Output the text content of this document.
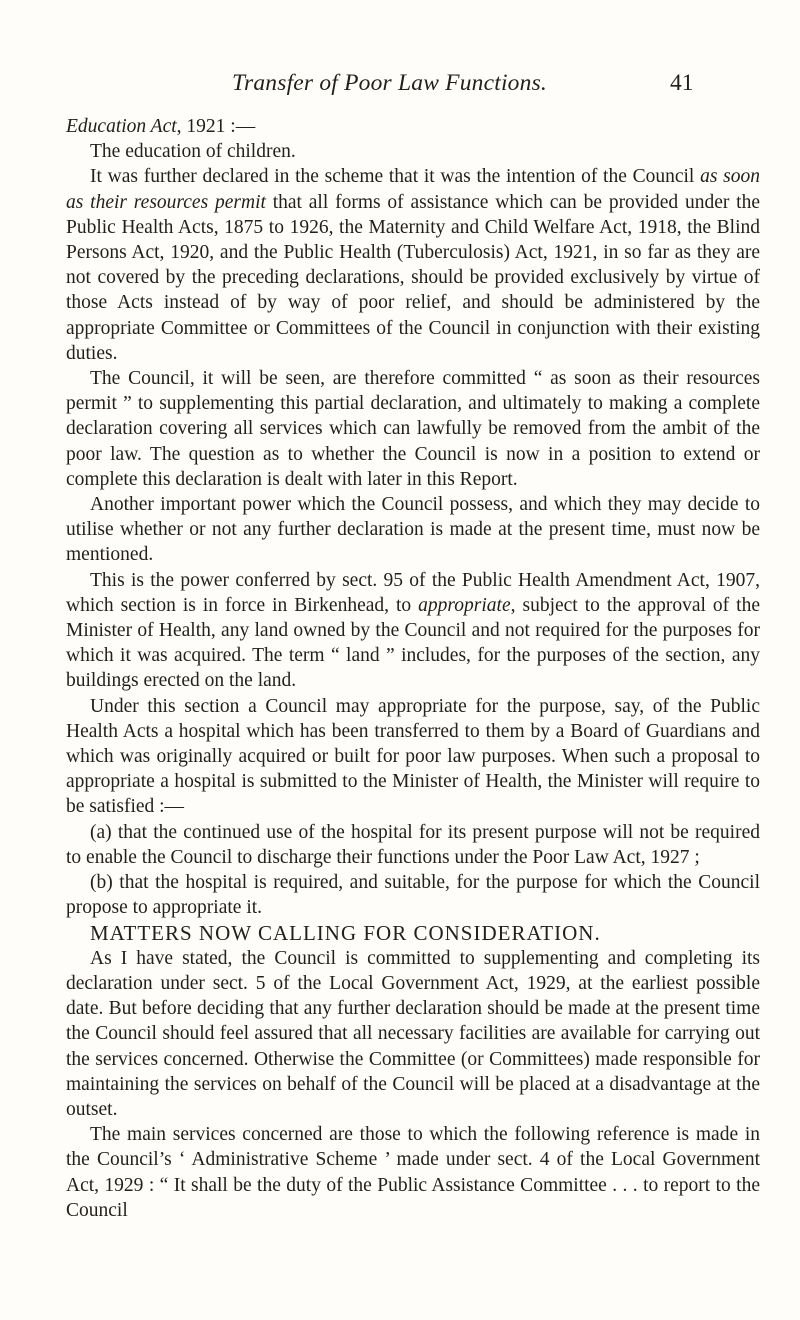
Transfer of Poor Law Functions.	41

Education Act, 1921 :—

The education of children.

It was further declared in the scheme that it was the intention of the Council as soon as their resources permit that all forms of assistance which can be provided under the Public Health Acts, 1875 to 1926, the Maternity and Child Welfare Act, 1918, the Blind Persons Act, 1920, and the Public Health (Tuberculosis) Act, 1921, in so far as they are not covered by the preceding declarations, should be provided exclusively by virtue of those Acts instead of by way of poor relief, and should be administered by the appropriate Committee or Committees of the Council in conjunction with their existing duties.

The Council, it will be seen, are therefore committed “ as soon as their resources permit ” to supplementing this partial declaration, and ultimately to making a complete declaration covering all services which can lawfully be removed from the ambit of the poor law. The question as to whether the Council is now in a position to extend or complete this declaration is dealt with later in this Report.

Another important power which the Council possess, and which they may decide to utilise whether or not any further declaration is made at the present time, must now be mentioned.

This is the power conferred by sect. 95 of the Public Health Amendment Act, 1907, which section is in force in Birkenhead, to appropriate, subject to the approval of the Minister of Health, any land owned by the Council and not required for the purposes for which it was acquired. The term “ land ” includes, for the purposes of the section, any buildings erected on the land.

Under this section a Council may appropriate for the purpose, say, of the Public Health Acts a hospital which has been transferred to them by a Board of Guardians and which was originally acquired or built for poor law purposes. When such a proposal to appropriate a hospital is submitted to the Minister of Health, the Minister will require to be satisfied :—

(a) that the continued use of the hospital for its present purpose will not be required to enable the Council to discharge their functions under the Poor Law Act, 1927 ;

(b) that the hospital is required, and suitable, for the purpose for which the Council propose to appropriate it.

MATTERS NOW CALLING FOR CONSIDERATION.

As I have stated, the Council is committed to supplementing and completing its declaration under sect. 5 of the Local Government Act, 1929, at the earliest possible date. But before deciding that any further declaration should be made at the present time the Council should feel assured that all necessary facilities are available for carrying out the services concerned. Otherwise the Committee (or Committees) made responsible for maintaining the services on behalf of the Council will be placed at a disadvantage at the outset.

The main services concerned are those to which the following reference is made in the Council’s ‘ Administrative Scheme ’ made under sect. 4 of the Local Government Act, 1929 : “ It shall be the duty of the Public Assistance Committee . . . to report to the Council
